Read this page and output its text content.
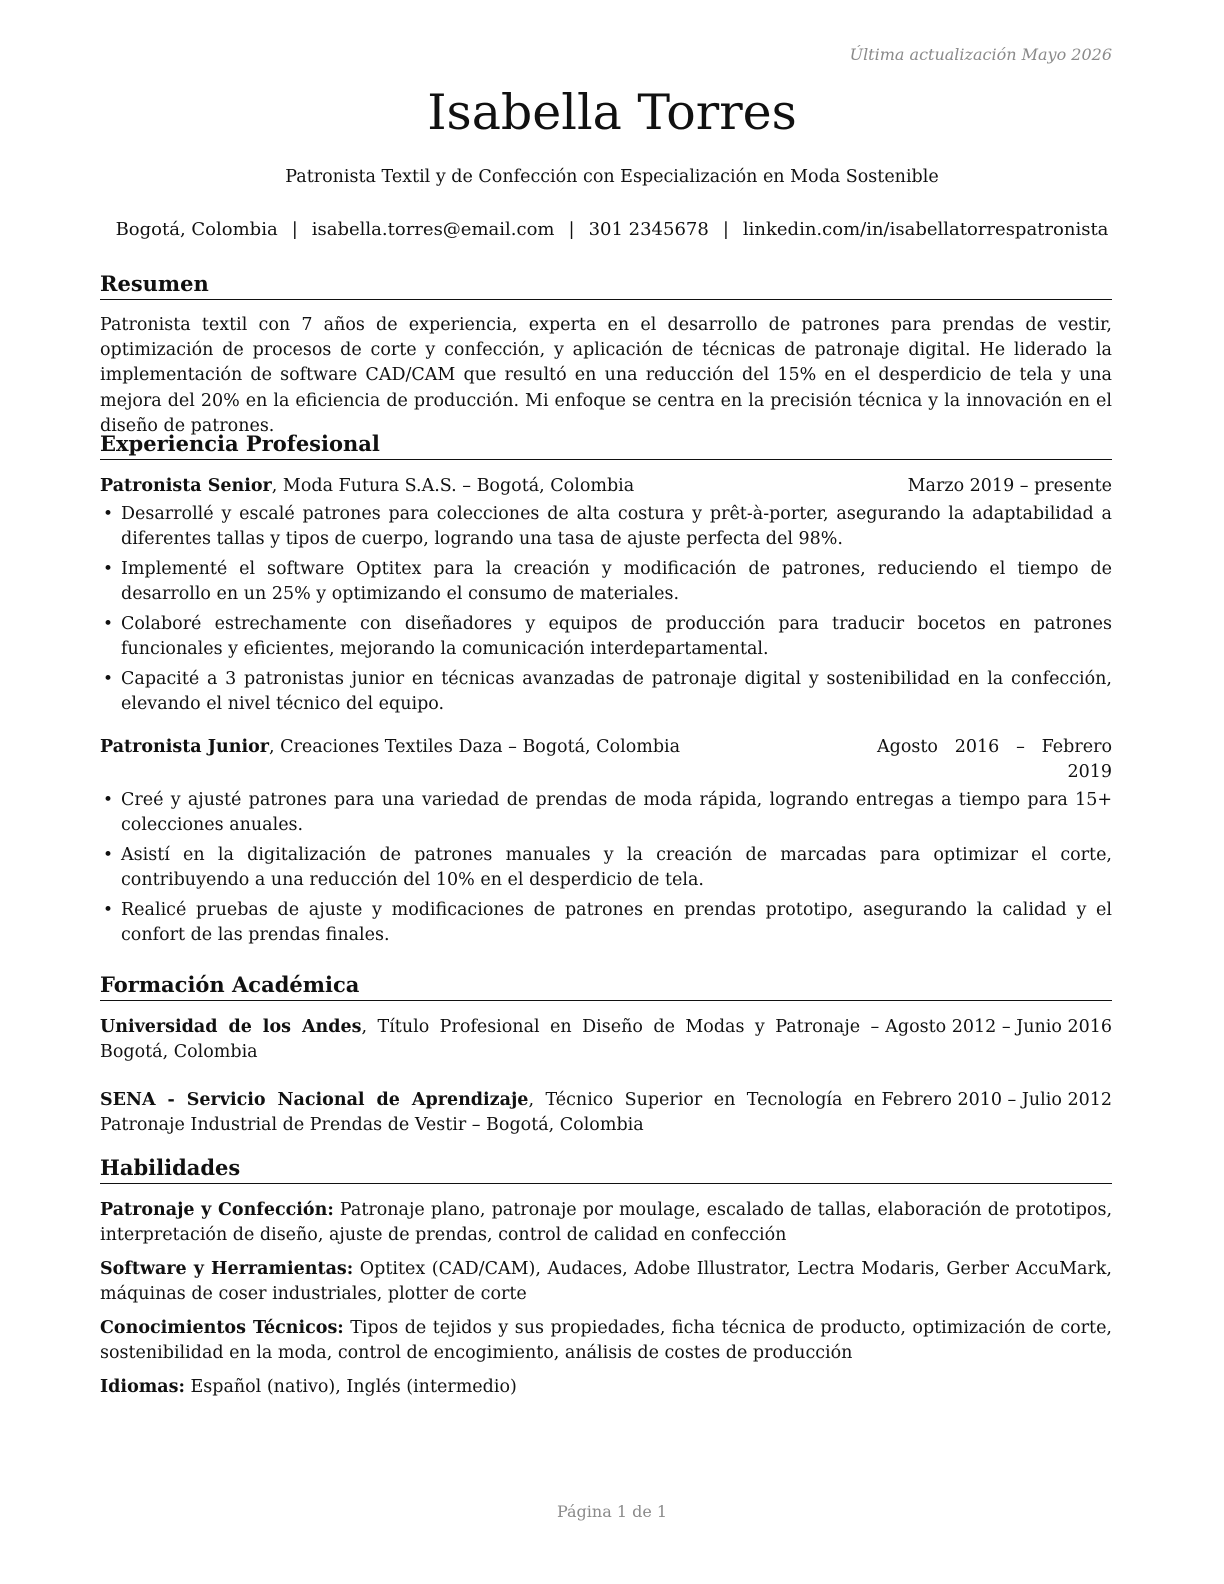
Última actualización Mayo 2026
Isabella Torres
Patronista Textil y de Confección con Especialización en Moda Sostenible
Bogotá, Colombia | isabella.torres@email.com | 301 2345678 | linkedin.com/in/isabellatorrespatronista
Resumen
Patronista textil con 7 años de experiencia, experta en el desarrollo de patrones para prendas de vestir, optimización de procesos de corte y confección, y aplicación de técnicas de patronaje digital. He liderado la implementación de software CAD/CAM que resultó en una reducción del 15% en el desperdicio de tela y una mejora del 20% en la eficiencia de producción. Mi enfoque se centra en la precisión técnica y la innovación en el diseño de patrones.
Experiencia Profesional
Patronista Senior, Moda Futura S.A.S. – Bogotá, Colombia	Marzo 2019 – presente
• Desarrollé y escalé patrones para colecciones de alta costura y prêt-à-porter, asegurando la adaptabilidad a diferentes tallas y tipos de cuerpo, logrando una tasa de ajuste perfecta del 98%.
• Implementé el software Optitex para la creación y modificación de patrones, reduciendo el tiempo de desarrollo en un 25% y optimizando el consumo de materiales.
• Colaboré estrechamente con diseñadores y equipos de producción para traducir bocetos en patrones funcionales y eficientes, mejorando la comunicación interdepartamental.
• Capacité a 3 patronistas junior en técnicas avanzadas de patronaje digital y sostenibilidad en la confección, elevando el nivel técnico del equipo.
Patronista Junior, Creaciones Textiles Daza – Bogotá, Colombia	Agosto 2016 – Febrero 2019
• Creé y ajusté patrones para una variedad de prendas de moda rápida, logrando entregas a tiempo para 15+ colecciones anuales.
• Asistí en la digitalización de patrones manuales y la creación de marcadas para optimizar el corte, contribuyendo a una reducción del 10% en el desperdicio de tela.
• Realicé pruebas de ajuste y modificaciones de patrones en prendas prototipo, asegurando la calidad y el confort de las prendas finales.
Formación Académica
Universidad de los Andes, Título Profesional en Diseño de Modas y Patronaje – Bogotá, Colombia
Agosto 2012 – Junio 2016
SENA - Servicio Nacional de Aprendizaje, Técnico Superior en Tecnología en Patronaje Industrial de Prendas de Vestir – Bogotá, Colombia
Febrero 2010 – Julio 2012
Habilidades
Patronaje y Confección: Patronaje plano, patronaje por moulage, escalado de tallas, elaboración de prototipos, interpretación de diseño, ajuste de prendas, control de calidad en confección
Software y Herramientas: Optitex (CAD/CAM), Audaces, Adobe Illustrator, Lectra Modaris, Gerber AccuMark, máquinas de coser industriales, plotter de corte
Conocimientos Técnicos: Tipos de tejidos y sus propiedades, ficha técnica de producto, optimización de corte, sostenibilidad en la moda, control de encogimiento, análisis de costes de producción
Idiomas: Español (nativo), Inglés (intermedio)
Página 1 de 1
